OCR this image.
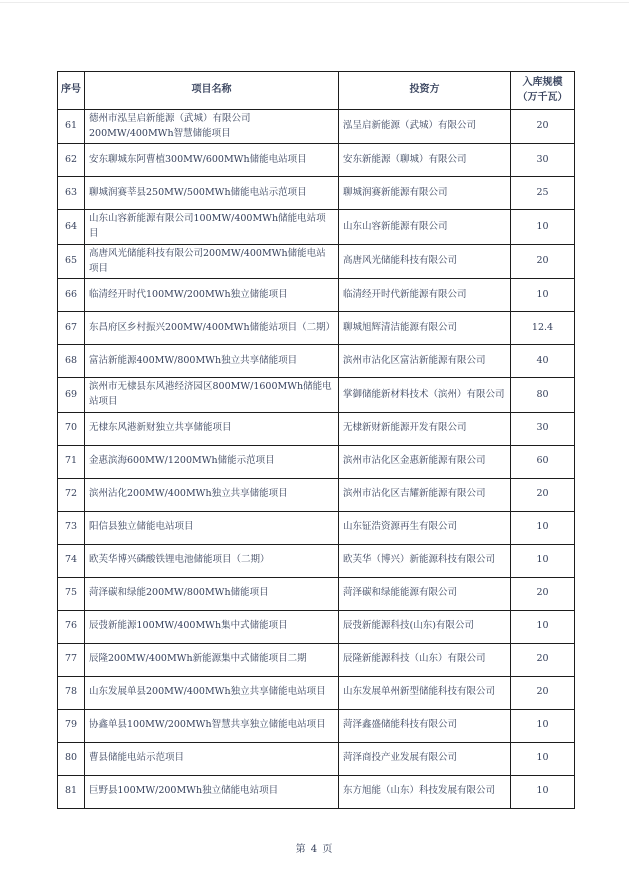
序号	项目名称	投资方	入库规模（万千瓦）
61	德州市泓呈启新能源（武城）有限公司200MW/400MWh智慧储能项目	泓呈启新能源（武城）有限公司	20
62	安东聊城东阿曹植300MW/600MWh储能电站项目	安东新能源（聊城）有限公司	30
63	聊城润赛莘县250MW/500MWh储能电站示范项目	聊城润赛新能源有限公司	25
64	山东山容新能源有限公司100MW/400MWh储能电站项目	山东山容新能源有限公司	10
65	高唐风光储能科技有限公司200MW/400MWh储能电站项目	高唐风光储能科技有限公司	20
66	临清经开时代100MW/200MWh独立储能项目	临清经开时代新能源有限公司	10
67	东昌府区乡村振兴200MW/400MWh储能站项目（二期）	聊城旭辉清洁能源有限公司	12.4
68	富沾新能源400MW/800MWh独立共享储能项目	滨州市沾化区富沾新能源有限公司	40
69	滨州市无棣县东风港经济园区800MW/1600MWh储能电站项目	掌御储能新材料技术（滨州）有限公司	80
70	无棣东风港新财独立共享储能项目	无棣新财新能源开发有限公司	30
71	金惠滨海600MW/1200MWh储能示范项目	滨州市沾化区金惠新能源有限公司	60
72	滨州沾化200MW/400MWh独立共享储能项目	滨州市沾化区吉耀新能源有限公司	20
73	阳信县独立储能电站项目	山东钲浩资源再生有限公司	10
74	欧芙华博兴磷酸铁锂电池储能项目（二期）	欧芙华（博兴）新能源科技有限公司	10
75	菏泽碳和绿能200MW/800MWh储能项目	菏泽碳和绿能能源有限公司	20
76	辰弢新能源100MW/400MWh集中式储能项目	辰弢新能源科技(山东)有限公司	10
77	辰隆200MW/400MWh新能源集中式储能项目二期	辰隆新能源科技（山东）有限公司	20
78	山东发展单县200MW/400MWh独立共享储能电站项目	山东发展单州新型储能科技有限公司	20
79	协鑫单县100MW/200MWh智慧共享独立储能电站项目	菏泽鑫盛储能科技有限公司	10
80	曹县储能电站示范项目	菏泽商投产业发展有限公司	10
81	巨野县100MW/200MWh独立储能电站项目	东方旭能（山东）科技发展有限公司	10
第 4 页
